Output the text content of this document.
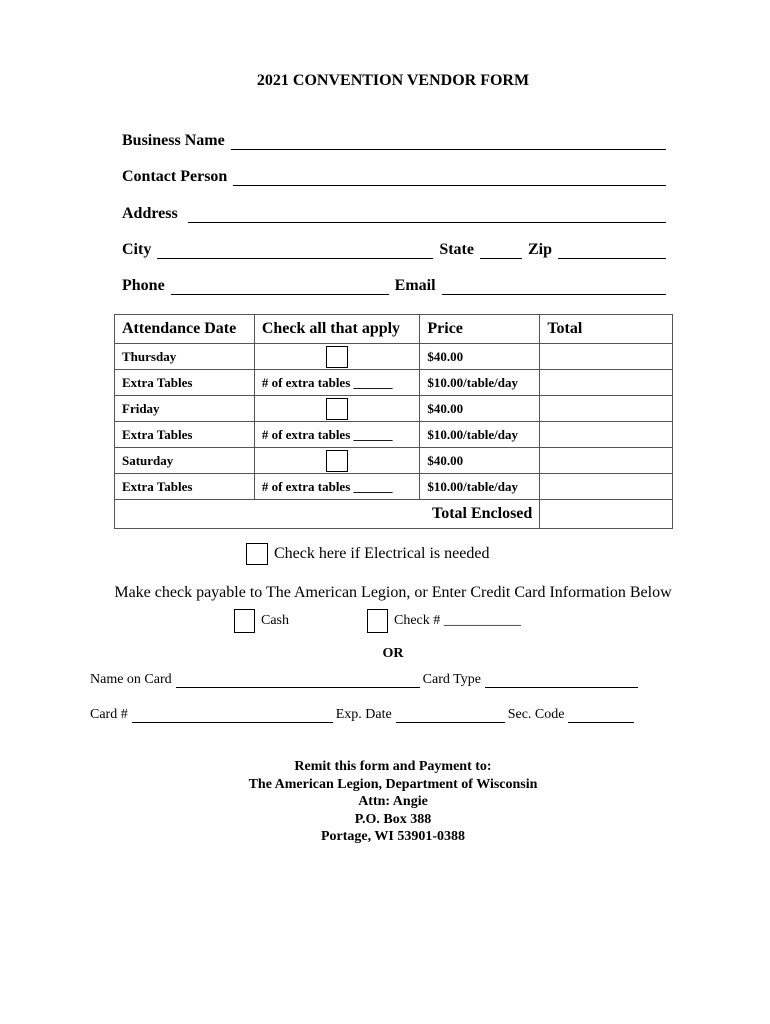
2021 CONVENTION VENDOR FORM
Business Name
Contact Person
Address
City	State	Zip
Phone	Email
Attendance Date	Check all that apply	Price	Total
Thursday		$40.00	
Extra Tables	# of extra tables ______	$10.00/table/day	
Friday		$40.00	
Extra Tables	# of extra tables ______	$10.00/table/day	
Saturday		$40.00	
Extra Tables	# of extra tables ______	$10.00/table/day	
Total Enclosed			
Check here if Electrical is needed
Make check payable to The American Legion, or Enter Credit Card Information Below
Cash	Check # ___________
OR
Name on Card	Card Type
Card #	Exp. Date	Sec. Code
Remit this form and Payment to:
The American Legion, Department of Wisconsin
Attn: Angie
P.O. Box 388
Portage, WI 53901-0388
